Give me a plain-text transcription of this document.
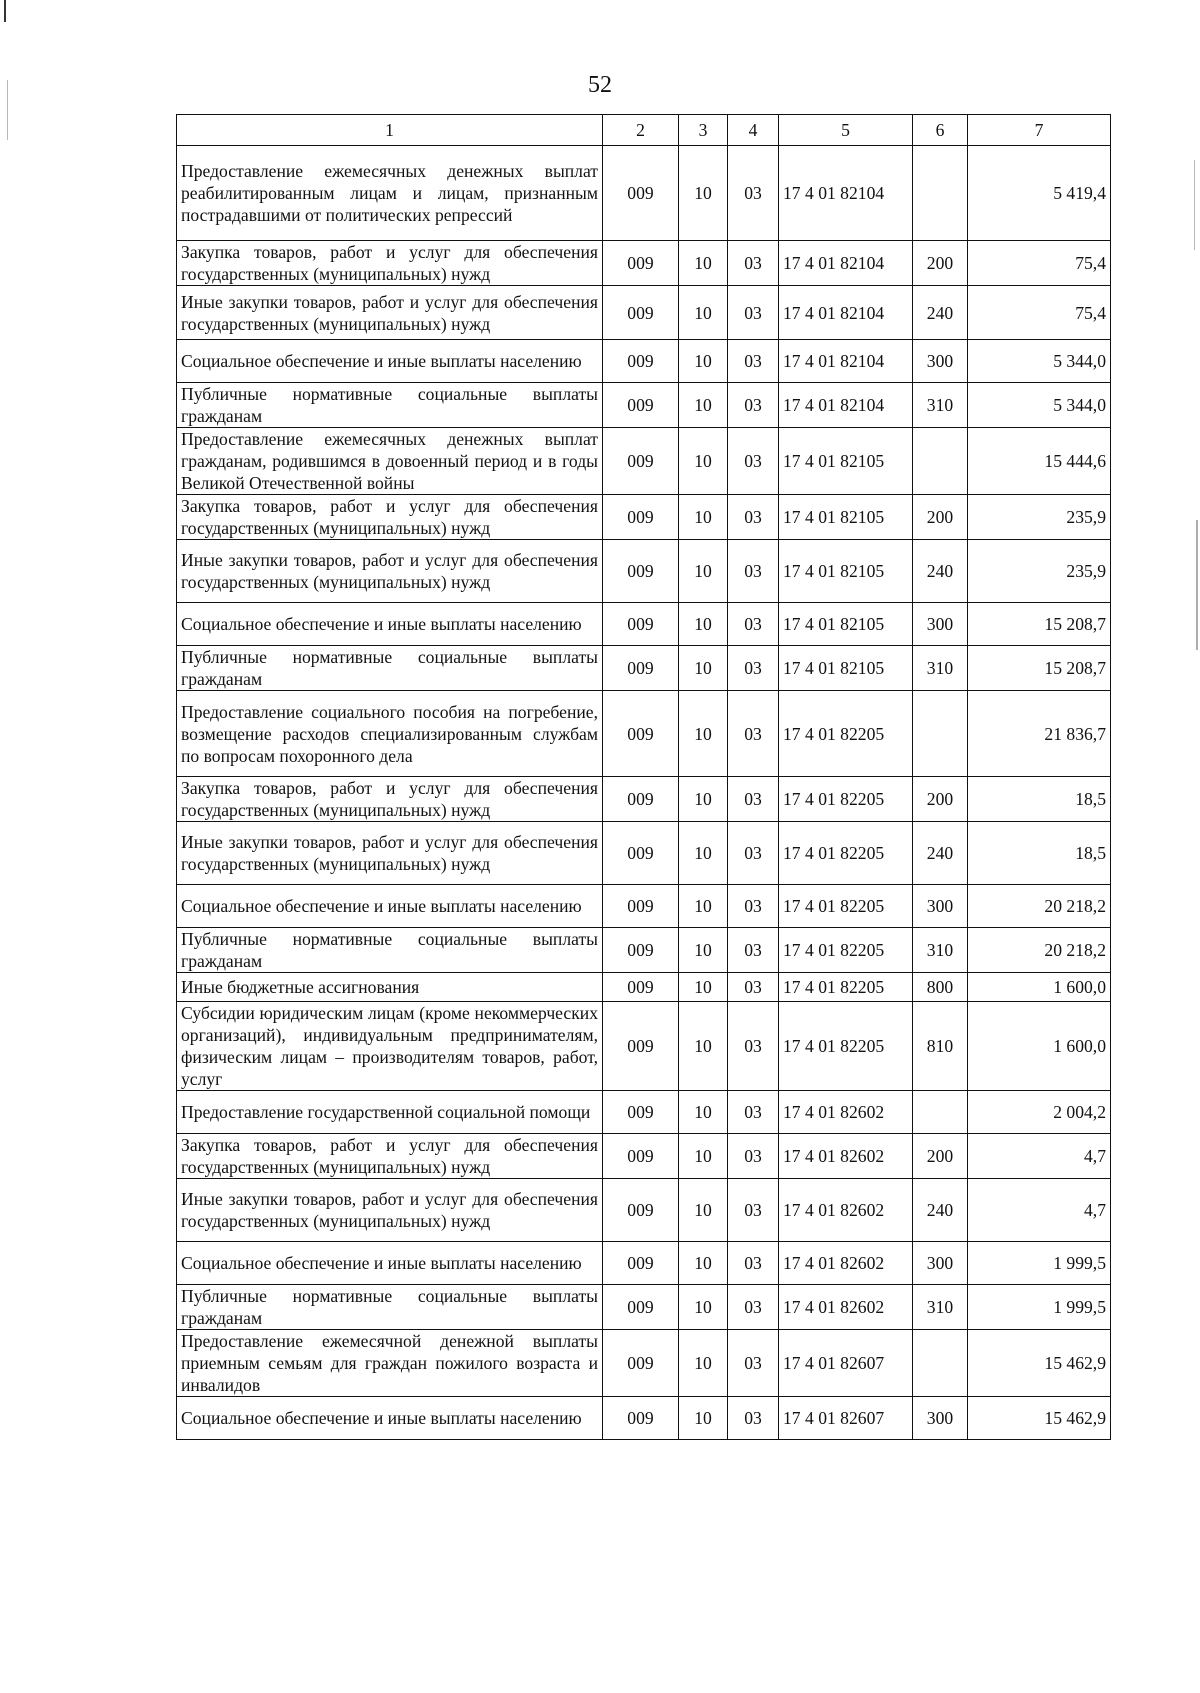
52
1	2	3	4	5	6	7
Предоставление ежемесячных денежных выплат реабилитированным лицам и лицам, признанным пострадавшими от политических репрессий	009	10	03	17 4 01 82104		5 419,4
Закупка товаров, работ и услуг для обеспечения государственных (муниципальных) нужд	009	10	03	17 4 01 82104	200	75,4
Иные закупки товаров, работ и услуг для обеспечения государственных (муниципальных) нужд	009	10	03	17 4 01 82104	240	75,4
Социальное обеспечение и иные выплаты населению	009	10	03	17 4 01 82104	300	5 344,0
Публичные нормативные социальные выплаты гражданам	009	10	03	17 4 01 82104	310	5 344,0
Предоставление ежемесячных денежных выплат гражданам, родившимся в довоенный период и в годы Великой Отечественной войны	009	10	03	17 4 01 82105		15 444,6
Закупка товаров, работ и услуг для обеспечения государственных (муниципальных) нужд	009	10	03	17 4 01 82105	200	235,9
Иные закупки товаров, работ и услуг для обеспечения государственных (муниципальных) нужд	009	10	03	17 4 01 82105	240	235,9
Социальное обеспечение и иные выплаты населению	009	10	03	17 4 01 82105	300	15 208,7
Публичные нормативные социальные выплаты гражданам	009	10	03	17 4 01 82105	310	15 208,7
Предоставление социального пособия на погребение, возмещение расходов специализированным службам по вопросам похоронного дела	009	10	03	17 4 01 82205		21 836,7
Закупка товаров, работ и услуг для обеспечения государственных (муниципальных) нужд	009	10	03	17 4 01 82205	200	18,5
Иные закупки товаров, работ и услуг для обеспечения государственных (муниципальных) нужд	009	10	03	17 4 01 82205	240	18,5
Социальное обеспечение и иные выплаты населению	009	10	03	17 4 01 82205	300	20 218,2
Публичные нормативные социальные выплаты гражданам	009	10	03	17 4 01 82205	310	20 218,2
Иные бюджетные ассигнования	009	10	03	17 4 01 82205	800	1 600,0
Субсидии юридическим лицам (кроме некоммерческих организаций), индивидуальным предпринимателям, физическим лицам – производителям товаров, работ, услуг	009	10	03	17 4 01 82205	810	1 600,0
Предоставление государственной социальной помощи	009	10	03	17 4 01 82602		2 004,2
Закупка товаров, работ и услуг для обеспечения государственных (муниципальных) нужд	009	10	03	17 4 01 82602	200	4,7
Иные закупки товаров, работ и услуг для обеспечения государственных (муниципальных) нужд	009	10	03	17 4 01 82602	240	4,7
Социальное обеспечение и иные выплаты населению	009	10	03	17 4 01 82602	300	1 999,5
Публичные нормативные социальные выплаты гражданам	009	10	03	17 4 01 82602	310	1 999,5
Предоставление ежемесячной денежной выплаты приемным семьям для граждан пожилого возраста и инвалидов	009	10	03	17 4 01 82607		15 462,9
Социальное обеспечение и иные выплаты населению	009	10	03	17 4 01 82607	300	15 462,9
